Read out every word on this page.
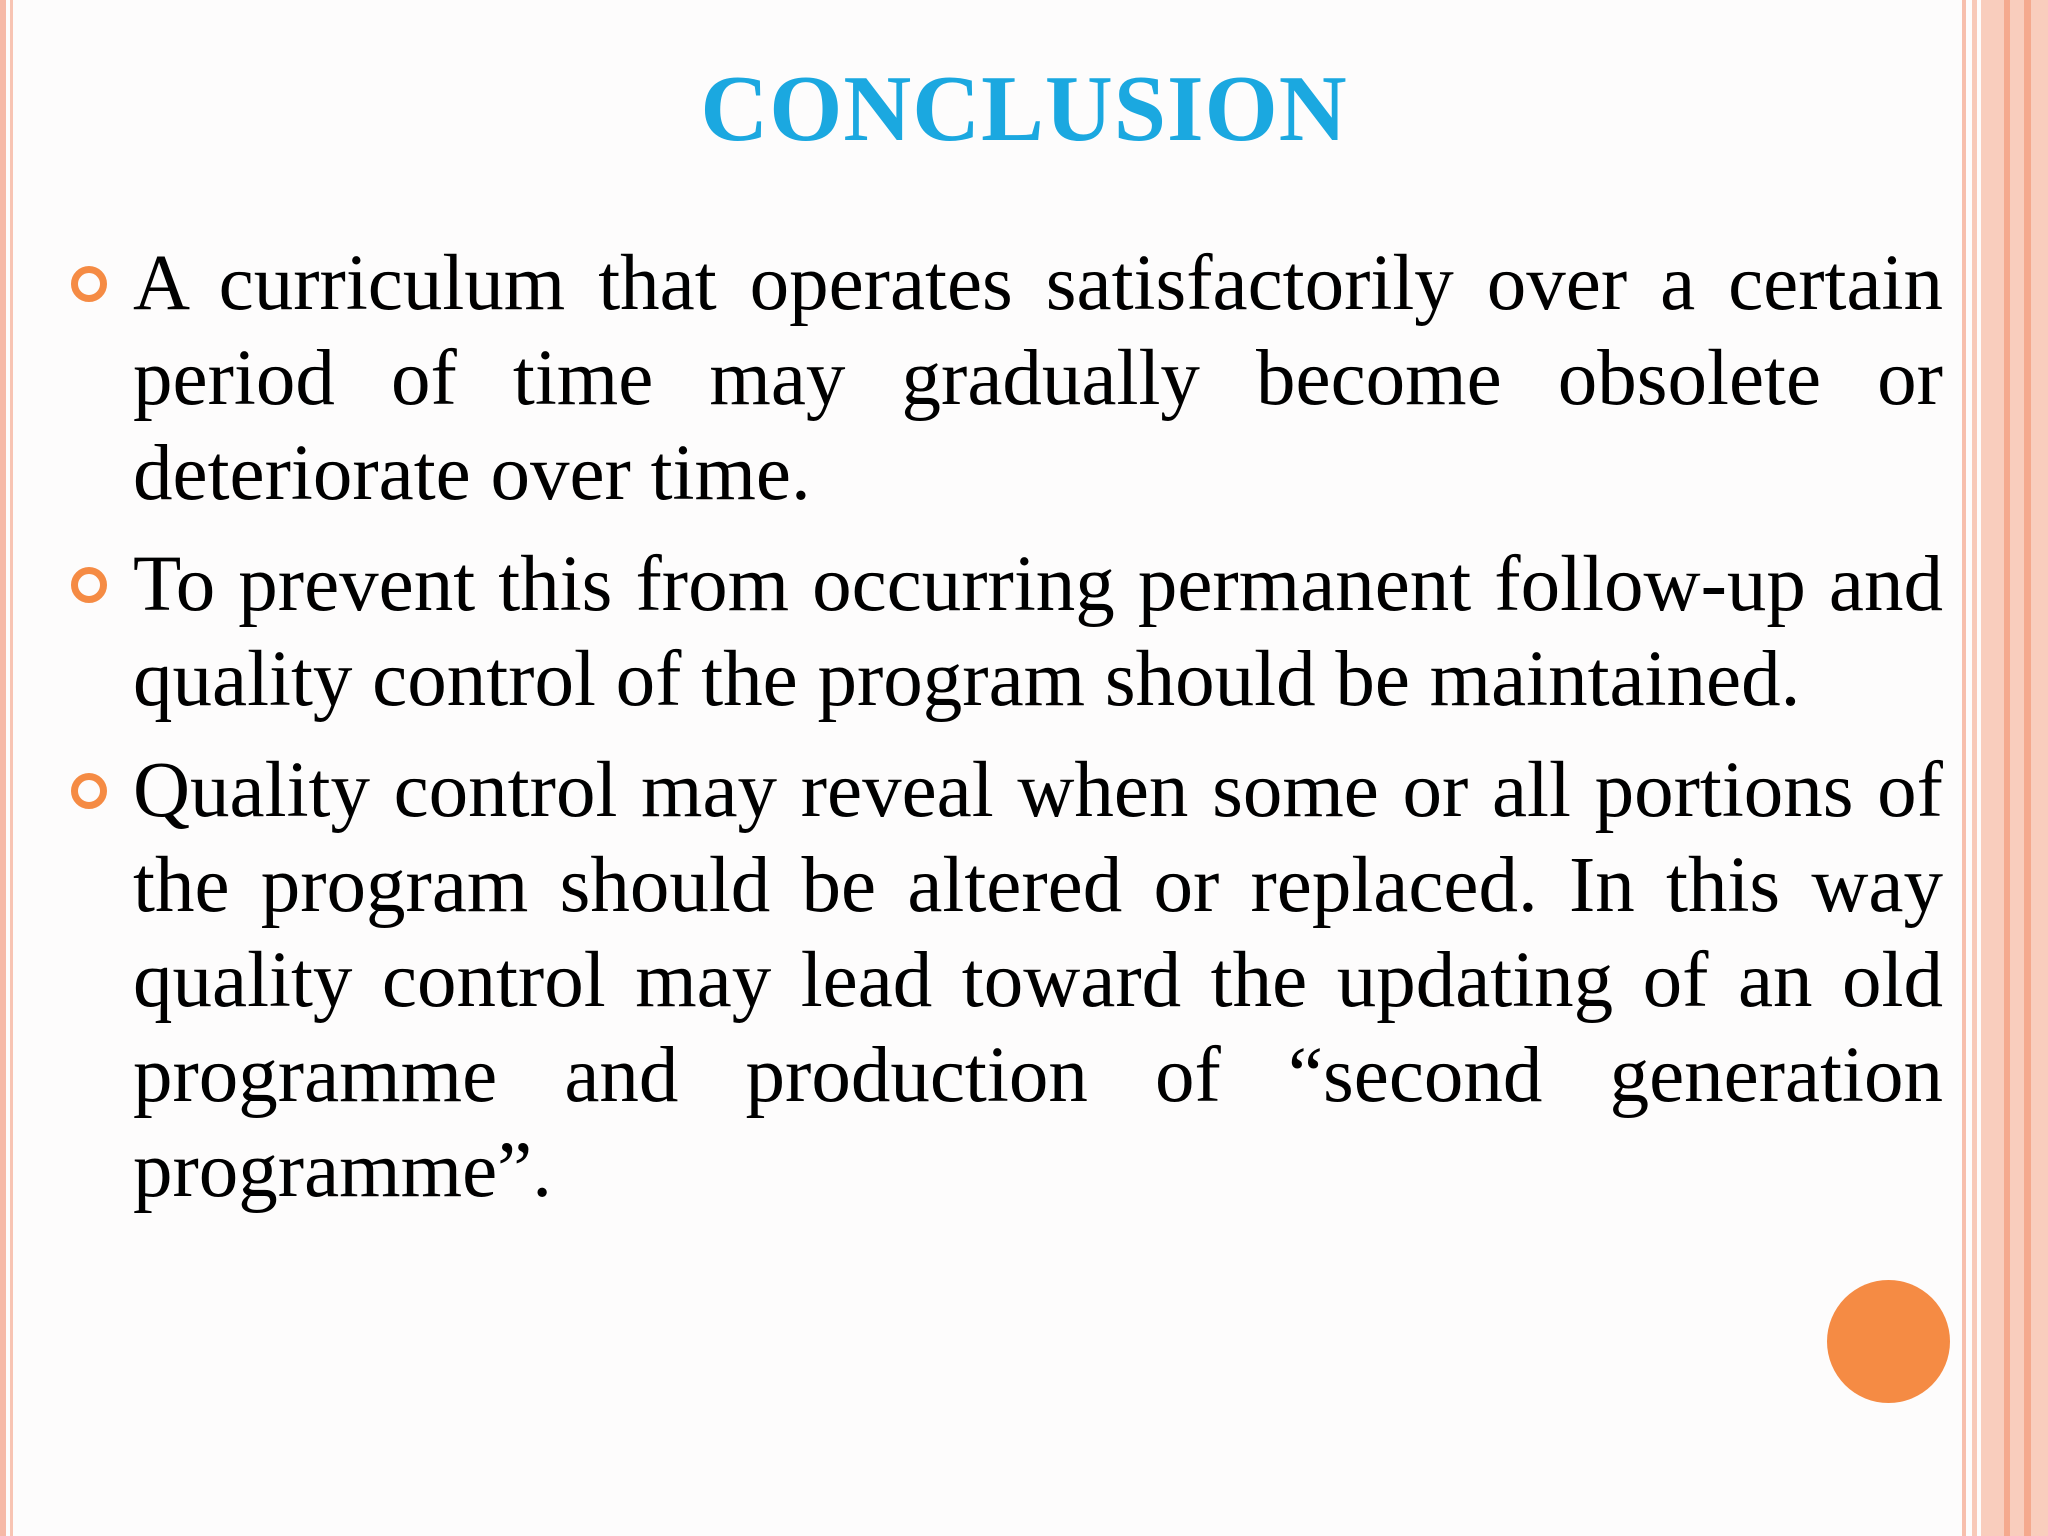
CONCLUSION
A curriculum that operates satisfactorily over a certain period of time may gradually become obsolete or deteriorate over time.
To prevent this from occurring permanent follow-up and quality control of the program should be maintained.
Quality control may reveal when some or all portions of the program should be altered or replaced. In this way quality control may lead toward the updating of an old programme and production of “second generation programme”.
